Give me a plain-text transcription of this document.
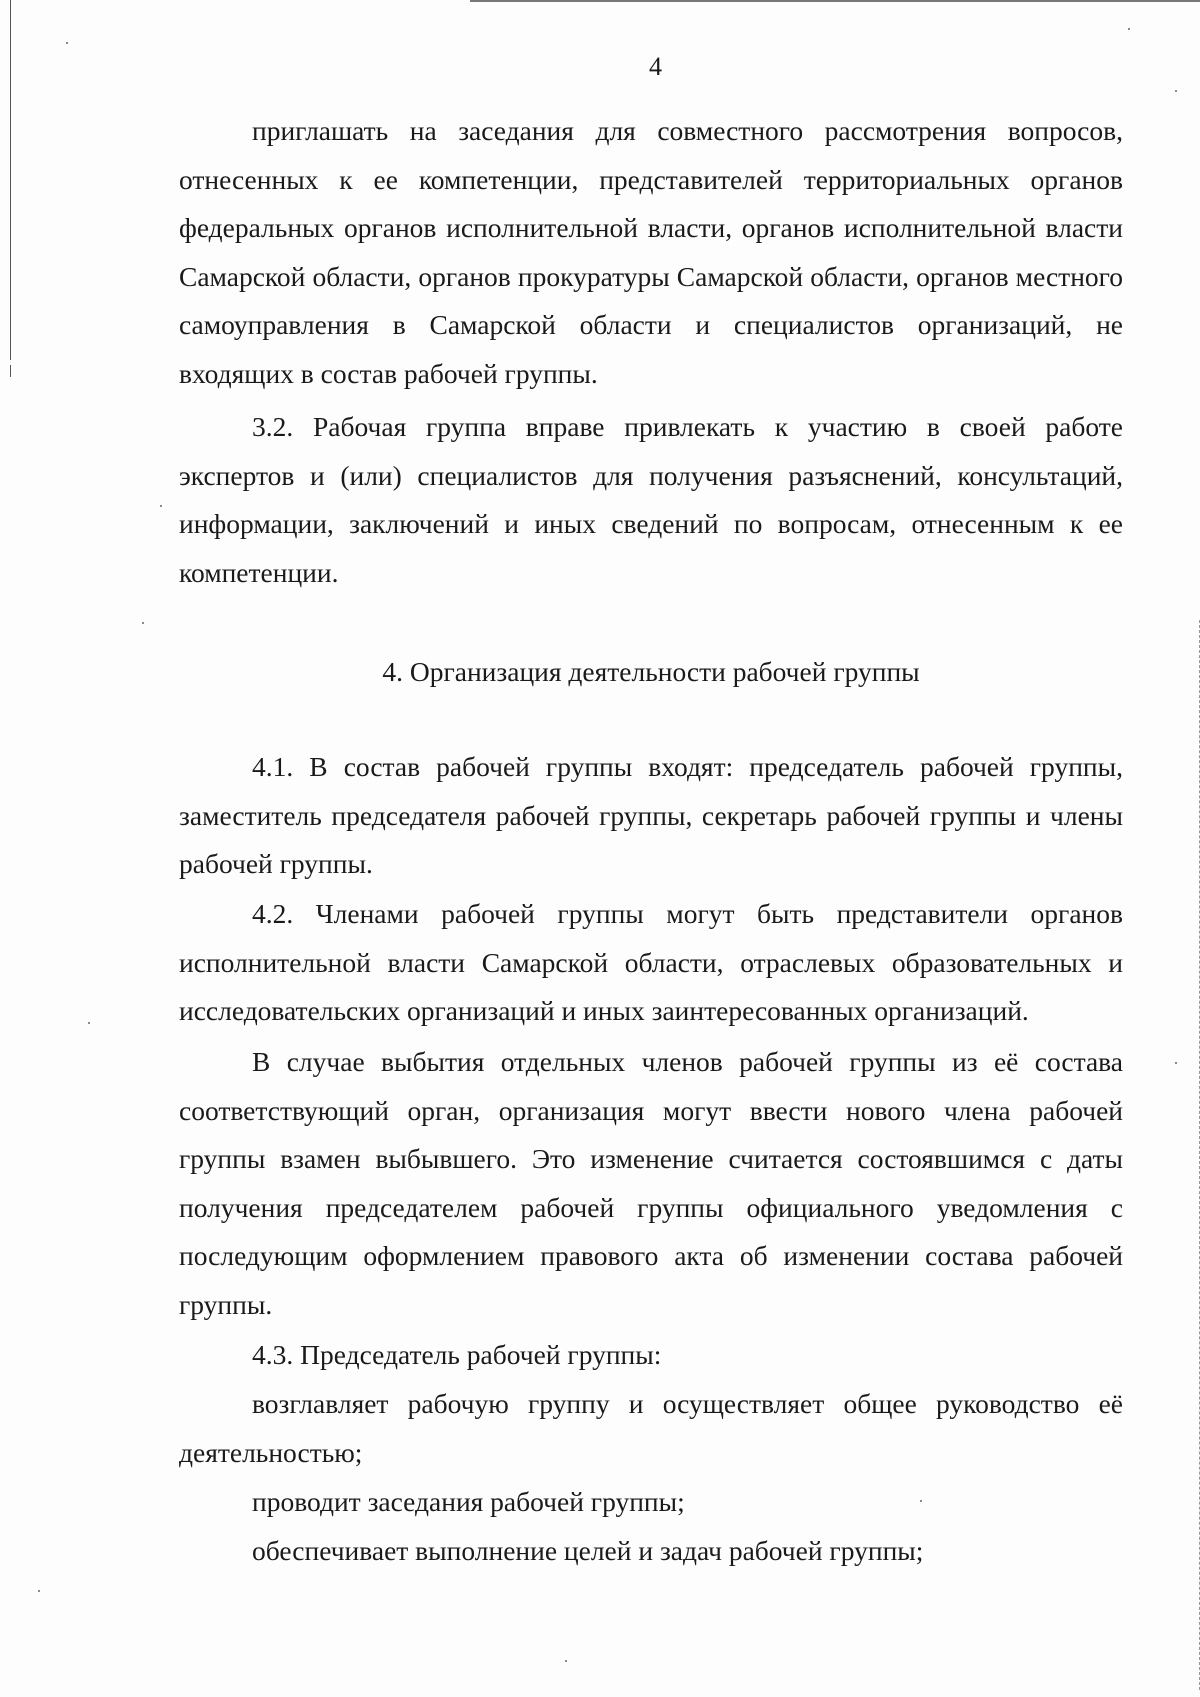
4

приглашать на заседания для совместного рассмотрения вопросов, отнесенных к ее компетенции, представителей территориальных органов федеральных органов исполнительной власти, органов исполнительной власти Самарской области, органов прокуратуры Самарской области, органов местного самоуправления в Самарской области и специалистов организаций, не входящих в состав рабочей группы.

3.2. Рабочая группа вправе привлекать к участию в своей работе экспертов и (или) специалистов для получения разъяснений, консультаций, информации, заключений и иных сведений по вопросам, отнесенным к ее компетенции.

4. Организация деятельности рабочей группы

4.1. В состав рабочей группы входят: председатель рабочей группы, заместитель председателя рабочей группы, секретарь рабочей группы и члены рабочей группы.

4.2. Членами рабочей группы могут быть представители органов исполнительной власти Самарской области, отраслевых образовательных и исследовательских организаций и иных заинтересованных организаций.

В случае выбытия отдельных членов рабочей группы из её состава соответствующий орган, организация могут ввести нового члена рабочей группы взамен выбывшего. Это изменение считается состоявшимся с даты получения председателем рабочей группы официального уведомления с последующим оформлением правового акта об изменении состава рабочей группы.

4.3. Председатель рабочей группы:

возглавляет рабочую группу и осуществляет общее руководство её деятельностью;

проводит заседания рабочей группы;

обеспечивает выполнение целей и задач рабочей группы;
